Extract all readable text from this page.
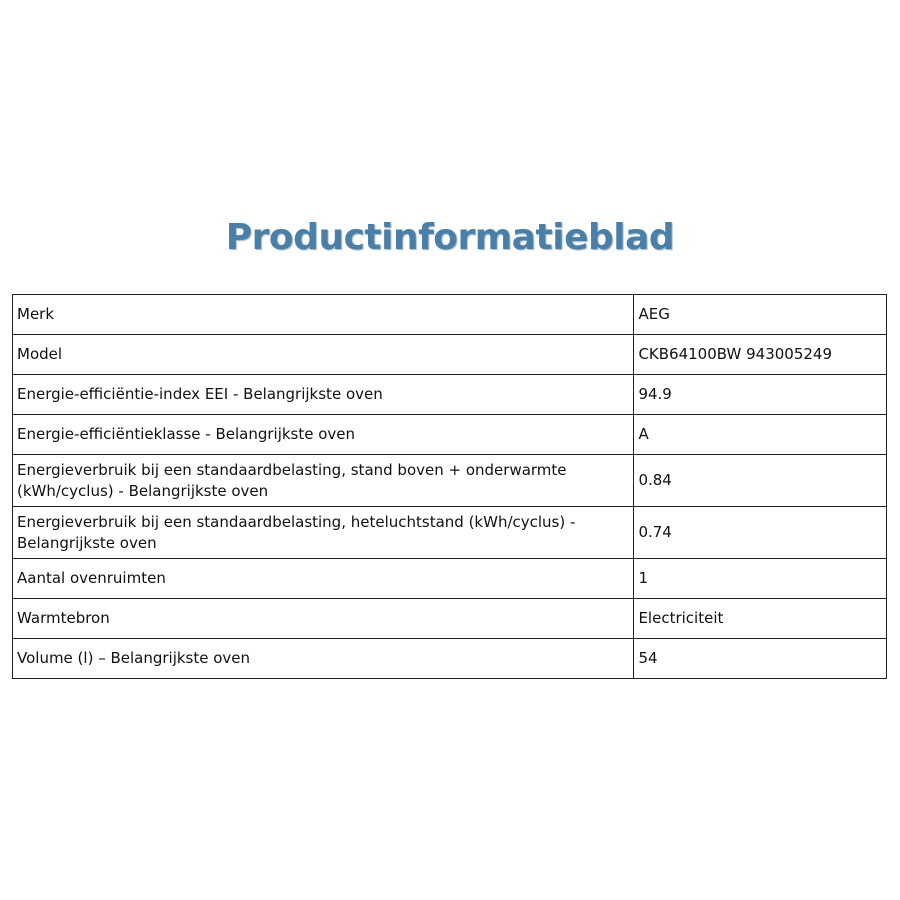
Productinformatieblad
Merk	AEG
Model	CKB64100BW 943005249
Energie-efficiëntie-index EEI - Belangrijkste oven	94.9
Energie-efficiëntieklasse - Belangrijkste oven	A
Energieverbruik bij een standaardbelasting, stand boven + onderwarmte (kWh/cyclus) - Belangrijkste oven	0.84
Energieverbruik bij een standaardbelasting, heteluchtstand (kWh/cyclus) - Belangrijkste oven	0.74
Aantal ovenruimten	1
Warmtebron	Electriciteit
Volume (l) – Belangrijkste oven	54
